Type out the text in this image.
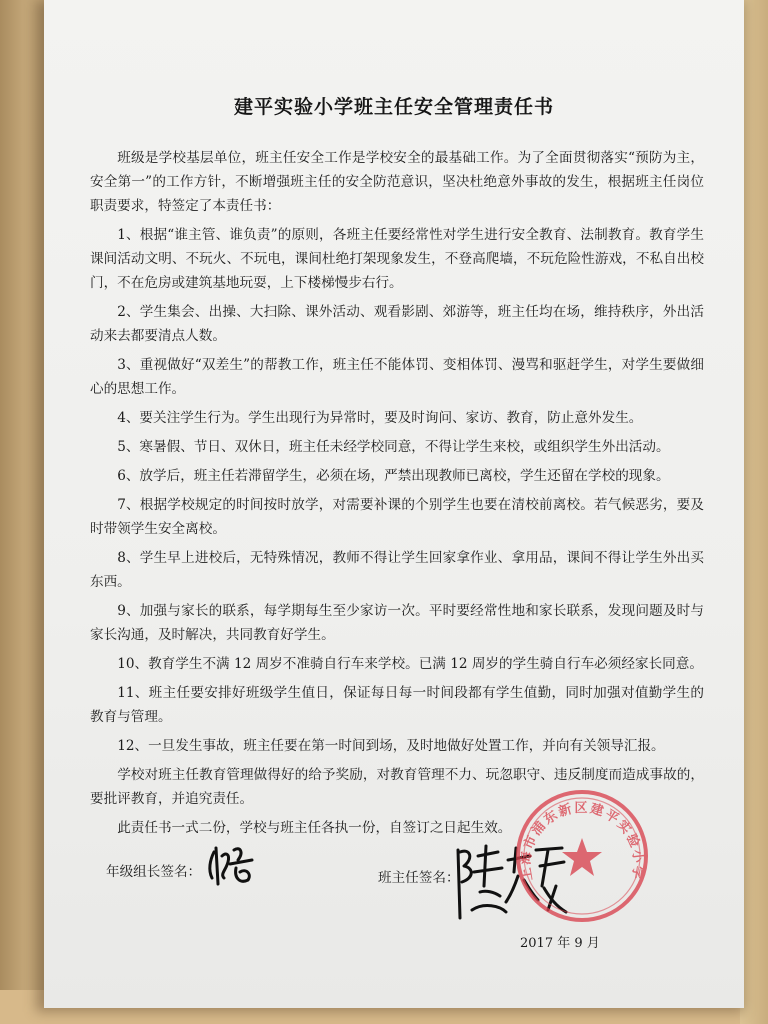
建平实验小学班主任安全管理责任书

班级是学校基层单位，班主任安全工作是学校安全的最基础工作。为了全面贯彻落实“预防为主，安全第一”的工作方针，不断增强班主任的安全防范意识，坚决杜绝意外事故的发生，根据班主任岗位职责要求，特签定了本责任书：

1、根据“谁主管、谁负责”的原则，各班主任要经常性对学生进行安全教育、法制教育。教育学生课间活动文明、不玩火、不玩电，课间杜绝打架现象发生，不登高爬墙，不玩危险性游戏，不私自出校门，不在危房或建筑基地玩耍，上下楼梯慢步右行。

2、学生集会、出操、大扫除、课外活动、观看影剧、郊游等，班主任均在场，维持秩序，外出活动来去都要清点人数。

3、重视做好“双差生”的帮教工作，班主任不能体罚、变相体罚、漫骂和驱赶学生，对学生要做细心的思想工作。

4、要关注学生行为。学生出现行为异常时，要及时询问、家访、教育，防止意外发生。

5、寒暑假、节日、双休日，班主任未经学校同意，不得让学生来校，或组织学生外出活动。

6、放学后，班主任若滞留学生，必须在场，严禁出现教师已离校，学生还留在学校的现象。

7、根据学校规定的时间按时放学，对需要补课的个别学生也要在清校前离校。若气候恶劣，要及时带领学生安全离校。

8、学生早上进校后，无特殊情况，教师不得让学生回家拿作业、拿用品，课间不得让学生外出买东西。

9、加强与家长的联系，每学期每生至少家访一次。平时要经常性地和家长联系，发现问题及时与家长沟通，及时解决，共同教育好学生。

10、教育学生不满 12 周岁不准骑自行车来学校。已满 12 周岁的学生骑自行车必须经家长同意。

11、班主任要安排好班级学生值日，保证每日每一时间段都有学生值勤，同时加强对值勤学生的教育与管理。

12、一旦发生事故，班主任要在第一时间到场，及时地做好处置工作，并向有关领导汇报。

学校对班主任教育管理做得好的给予奖励，对教育管理不力、玩忽职守、违反制度而造成事故的，要批评教育，并追究责任。

此责任书一式二份，学校与班主任各执一份，自签订之日起生效。

年级组长签名：	班主任签名：
2017 年 9 月
上海市浦东新区建平实验小学
